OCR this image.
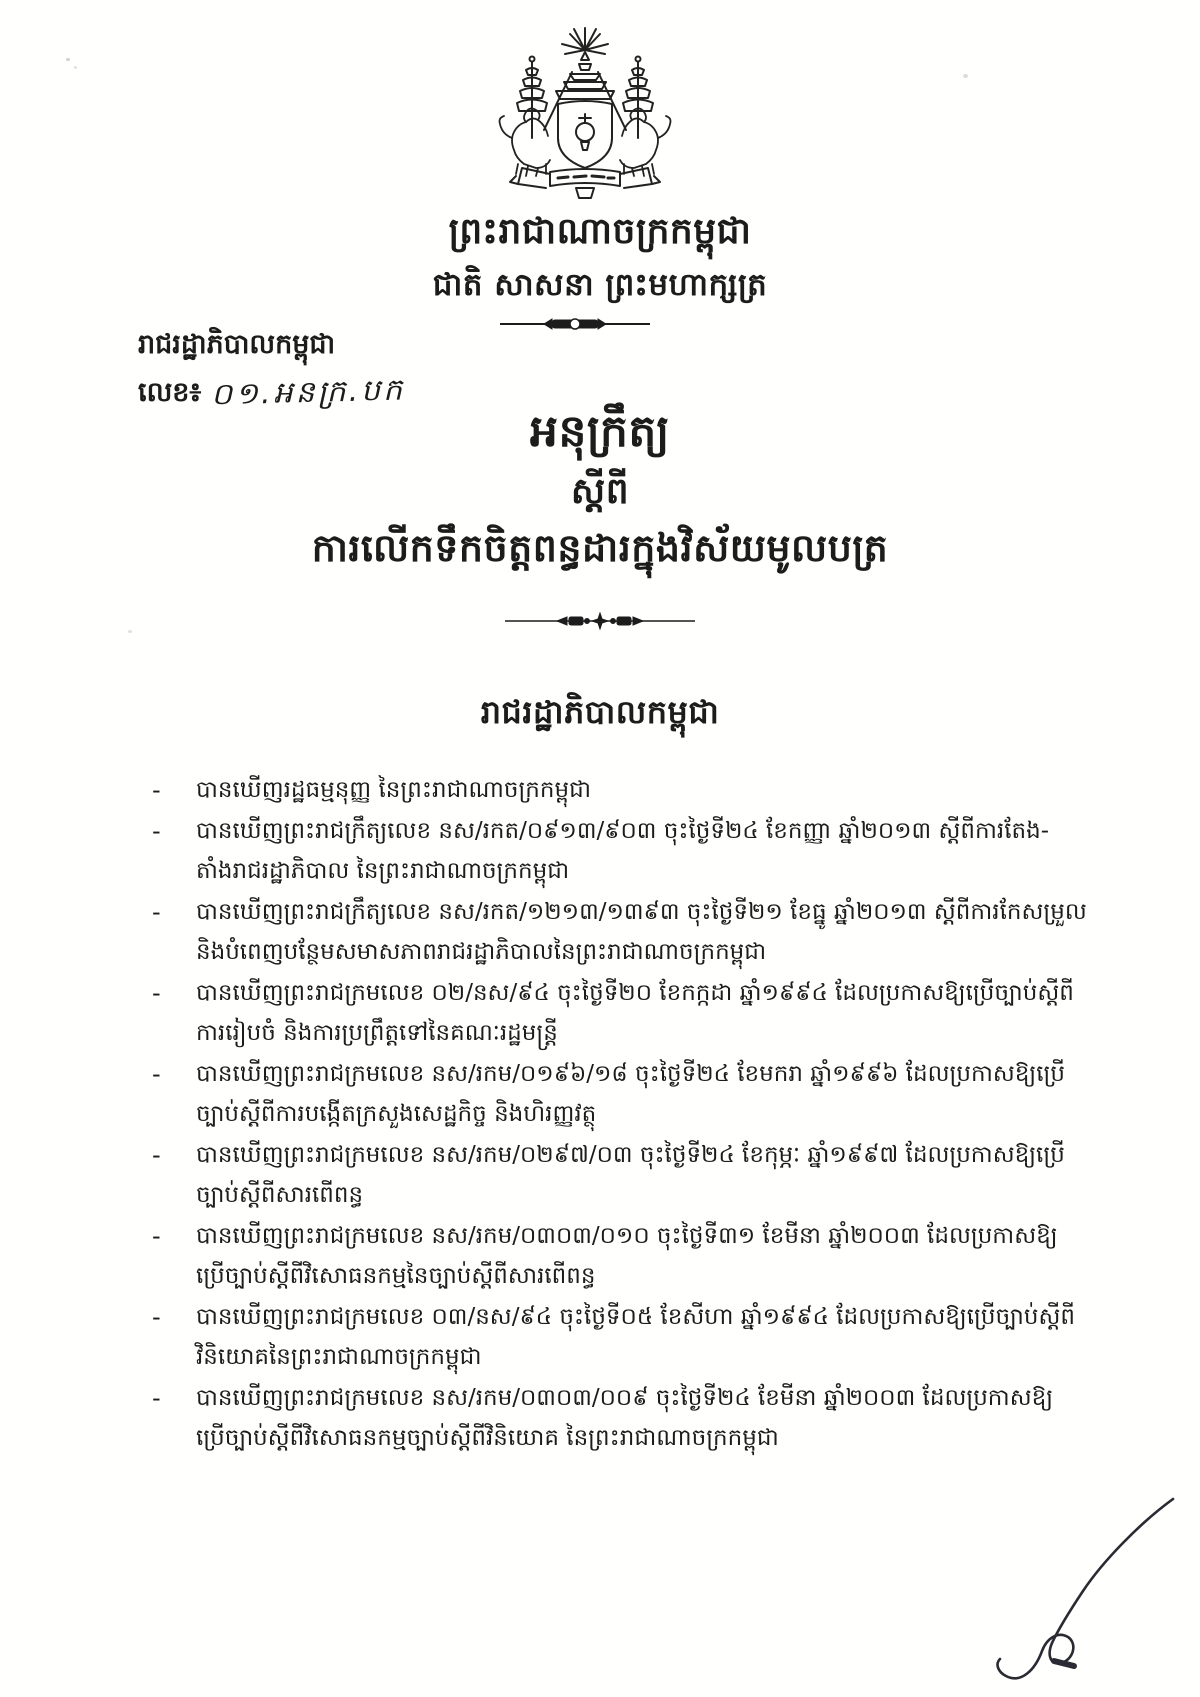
ព្រះរាជាណាចក្រកម្ពុជា
ជាតិ សាសនា ព្រះមហាក្សត្រ
រាជរដ្ឋាភិបាលកម្ពុជា
លេខ៖ ០១.អនក្រ.បក
អនុក្រឹត្យ
ស្តីពី
ការលើកទឹកចិត្តពន្ធដារក្នុងវិស័យមូលបត្រ
រាជរដ្ឋាភិបាលកម្ពុជា
-	បានឃើញរដ្ឋធម្មនុញ្ញ នៃព្រះរាជាណាចក្រកម្ពុជា
-	បានឃើញព្រះរាជក្រឹត្យលេខ នស/រកត/០៩១៣/៩០៣ ចុះថ្ងៃទី២៤ ខែកញ្ញា ឆ្នាំ២០១៣ ស្តីពីការតែង-
តាំងរាជរដ្ឋាភិបាល នៃព្រះរាជាណាចក្រកម្ពុជា
-	បានឃើញព្រះរាជក្រឹត្យលេខ នស/រកត/១២១៣/១៣៩៣ ចុះថ្ងៃទី២១ ខែធ្នូ ឆ្នាំ២០១៣ ស្តីពីការកែសម្រួល
និងបំពេញបន្ថែមសមាសភាពរាជរដ្ឋាភិបាលនៃព្រះរាជាណាចក្រកម្ពុជា
-	បានឃើញព្រះរាជក្រមលេខ ០២/នស/៩៤ ចុះថ្ងៃទី២០ ខែកក្កដា ឆ្នាំ១៩៩៤ ដែលប្រកាសឱ្យប្រើច្បាប់ស្តីពី
ការរៀបចំ និងការប្រព្រឹត្តទៅនៃគណៈរដ្ឋមន្ត្រី
-	បានឃើញព្រះរាជក្រមលេខ នស/រកម/០១៩៦/១៨ ចុះថ្ងៃទី២៤ ខែមករា ឆ្នាំ១៩៩៦ ដែលប្រកាសឱ្យប្រើ
ច្បាប់ស្តីពីការបង្កើតក្រសួងសេដ្ឋកិច្ច និងហិរញ្ញវត្ថុ
-	បានឃើញព្រះរាជក្រមលេខ នស/រកម/០២៩៧/០៣ ចុះថ្ងៃទី២៤ ខែកុម្ភៈ ឆ្នាំ១៩៩៧ ដែលប្រកាសឱ្យប្រើ
ច្បាប់ស្តីពីសារពើពន្ធ
-	បានឃើញព្រះរាជក្រមលេខ នស/រកម/០៣០៣/០១០ ចុះថ្ងៃទី៣១ ខែមីនា ឆ្នាំ២០០៣ ដែលប្រកាសឱ្យ
ប្រើច្បាប់ស្តីពីវិសោធនកម្មនៃច្បាប់ស្តីពីសារពើពន្ធ
-	បានឃើញព្រះរាជក្រមលេខ ០៣/នស/៩៤ ចុះថ្ងៃទី០៥ ខែសីហា ឆ្នាំ១៩៩៤ ដែលប្រកាសឱ្យប្រើច្បាប់ស្តីពី
វិនិយោគនៃព្រះរាជាណាចក្រកម្ពុជា
-	បានឃើញព្រះរាជក្រមលេខ នស/រកម/០៣០៣/០០៩ ចុះថ្ងៃទី២៤ ខែមីនា ឆ្នាំ២០០៣ ដែលប្រកាសឱ្យ
ប្រើច្បាប់ស្តីពីវិសោធនកម្មច្បាប់ស្តីពីវិនិយោគ នៃព្រះរាជាណាចក្រកម្ពុជា
